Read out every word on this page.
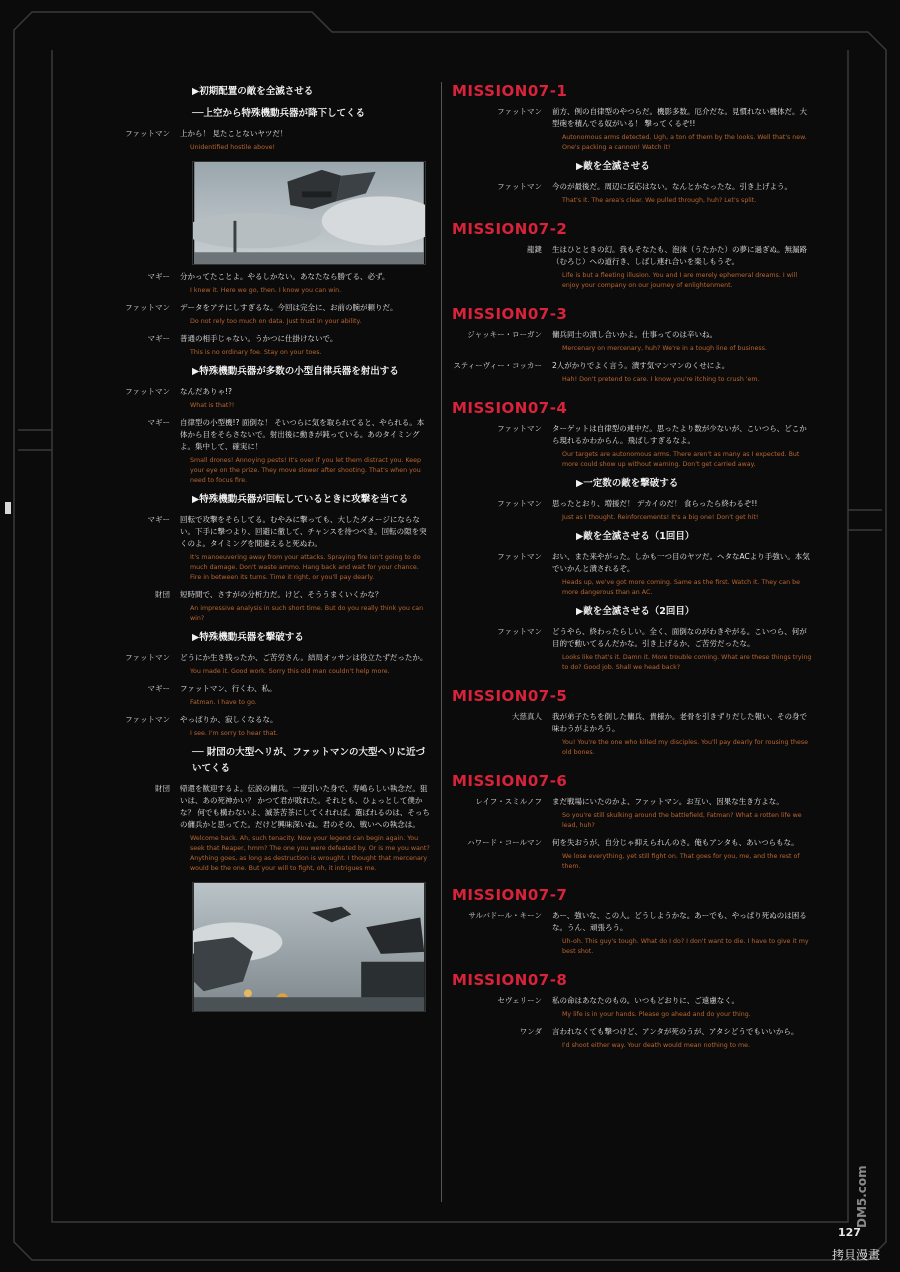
▶初期配置の敵を全滅させる
──上空から特殊機動兵器が降下してくる
ファットマン	上から！ 見たことないヤツだ！
Unidentified hostile above!
マギー	分かってたことよ。やるしかない。あなたなら勝てる、必ず。
I knew it. Here we go, then. I know you can win.
ファットマン	データをアテにしすぎるな。今回は完全に、お前の腕が頼りだ。
Do not rely too much on data. Just trust in your ability.
マギー	普通の相手じゃない。うかつに仕掛けないで。
This is no ordinary foe. Stay on your toes.
▶特殊機動兵器が多数の小型自律兵器を射出する
ファットマン	なんだありゃ!?
What is that?!
マギー	自律型の小型機!? 面倒な！ そいつらに気を取られてると、やられる。本体から目をそらさないで。射出後に動きが鈍っている。あのタイミングよ。集中して、確実に！
Small drones! Annoying pests! It's over if you let them distract you. Keep your eye on the prize. They move slower after shooting. That's when you need to focus fire.
▶特殊機動兵器が回転しているときに攻撃を当てる
マギー	回転で攻撃をそらしてる。むやみに撃っても、大したダメージにならない。下手に撃つより、回避に徹して、チャンスを待つべき。回転の隙を突くのよ。タイミングを間違えると死ぬわ。
It's manoeuvering away from your attacks. Spraying fire isn't going to do much damage. Don't waste ammo. Hang back and wait for your chance. Fire in between its turns. Time it right, or you'll pay dearly.
財団	短時間で、さすがの分析力だ。けど、そううまくいくかな？
An impressive analysis in such short time. But do you really think you can win?
▶特殊機動兵器を撃破する
ファットマン	どうにか生き残ったか、ご苦労さん。結局オッサンは役立たずだったか。
You made it. Good work. Sorry this old man couldn't help more.
マギー	ファットマン、行くわ、私。
Fatman. I have to go.
ファットマン	やっぱりか、寂しくなるな。
I see. I'm sorry to hear that.
── 財団の大型ヘリが、ファットマンの大型ヘリに近づいてくる
財団	帰還を歓迎するよ。伝説の傭兵。一度引いた身で、寿嶋らしい執念だ。狙いは、あの死神かい？ かつて君が敗れた。それとも、ひょっとして僕かな？ 何でも構わないよ、滅茶苦茶にしてくれれば。選ばれるのは、そっちの傭兵かと思ってた。だけど興味深いね。君のその、戦いへの執念は。
Welcome back. Ah, such tenacity. Now your legend can begin again. You seek that Reaper, hmm? The one you were defeated by. Or is me you want? Anything goes, as long as destruction is wrought. I thought that mercenary would be the one. But your will to fight, oh, it intrigues me.
MISSION07-1
ファットマン	前方、例の自律型のやつらだ。機影多数。厄介だな。見慣れない機体だ。大型砲を積んでる奴がいる！ 撃ってくるぞ!!
Autonomous arms detected. Ugh, a ton of them by the looks. Well that's new. One's packing a cannon! Watch it!
▶敵を全滅させる
ファットマン	今のが最後だ。周辺に反応はない。なんとかなったな。引き上げよう。
That's it. The area's clear. We pulled through, huh? Let's split.
MISSION07-2
龍鍵	生はひとときの幻。我もそなたも、泡沫（うたかた）の夢に過ぎぬ。無漏路（むろじ）への道行き、しばし連れ合いを楽しもうぞ。
Life is but a fleeting illusion. You and I are merely ephemeral dreams. I will enjoy your company on our journey of enlightenment.
MISSION07-3
ジャッキー・ローガン	傭兵同士の潰し合いかよ。仕事ってのは辛いね。
Mercenary on mercenary, huh? We're in a tough line of business.
スティーヴィー・コッカー	2人がかりでよく言う。潰す気マンマンのくせによ。
Hah! Don't pretend to care. I know you're itching to crush 'em.
MISSION07-4
ファットマン	ターゲットは自律型の連中だ。思ったより数が少ないが、こいつら、どこから現れるかわからん。飛ばしすぎるなよ。
Our targets are autonomous arms. There aren't as many as I expected. But more could show up without warning. Don't get carried away.
▶一定数の敵を撃破する
ファットマン	思ったとおり、増援だ！ デカイのだ！ 食らったら終わるぞ!!
Just as I thought. Reinforcements! It's a big one! Don't get hit!
▶敵を全滅させる（1回目）
ファットマン	おい、また来やがった。しかも一つ目のヤツだ。ヘタなACより手強い。本気でいかんと潰されるぞ。
Heads up, we've got more coming. Same as the first. Watch it. They can be more dangerous than an AC.
▶敵を全滅させる（2回目）
ファットマン	どうやら、終わったらしい。全く、面倒なのがわきやがる。こいつら、何が目的で動いてるんだかな。引き上げるか、ご苦労だったな。
Looks like that's it. Damn it. More trouble coming. What are these things trying to do? Good job. Shall we head back?
MISSION07-5
大慈真人	我が弟子たちを倒した傭兵、貴様か。老骨を引きずりだした報い、その身で味わうがよかろう。
You! You're the one who killed my disciples. You'll pay dearly for rousing these old bones.
MISSION07-6
レイフ・スミルノフ	まだ戦場にいたのかよ、ファットマン。お互い、因果な生き方よな。
So you're still skulking around the battlefield, Fatman? What a rotten life we lead, huh?
ハワード・コールマン	何を失おうが、自分じゃ抑えられんのさ。俺もアンタも、あいつらもな。
We lose everything, yet still fight on. That goes for you, me, and the rest of them.
MISSION07-7
サルバドール・キーン	あー、強いな、この人。どうしようかな。あーでも、やっぱり死ぬのは困るな。うん、頑張ろう。
Uh-oh. This guy's tough. What do I do? I don't want to die. I have to give it my best shot.
MISSION07-8
セヴェリーン	私の命はあなたのもの。いつもどおりに、ご遠慮なく。
My life is in your hands. Please go ahead and do your thing.
ワンダ	言われなくても撃つけど、アンタが死のうが、アタシどうでもいいから。
I'd shoot either way. Your death would mean nothing to me.
DM5.com
127
拷貝漫畫
